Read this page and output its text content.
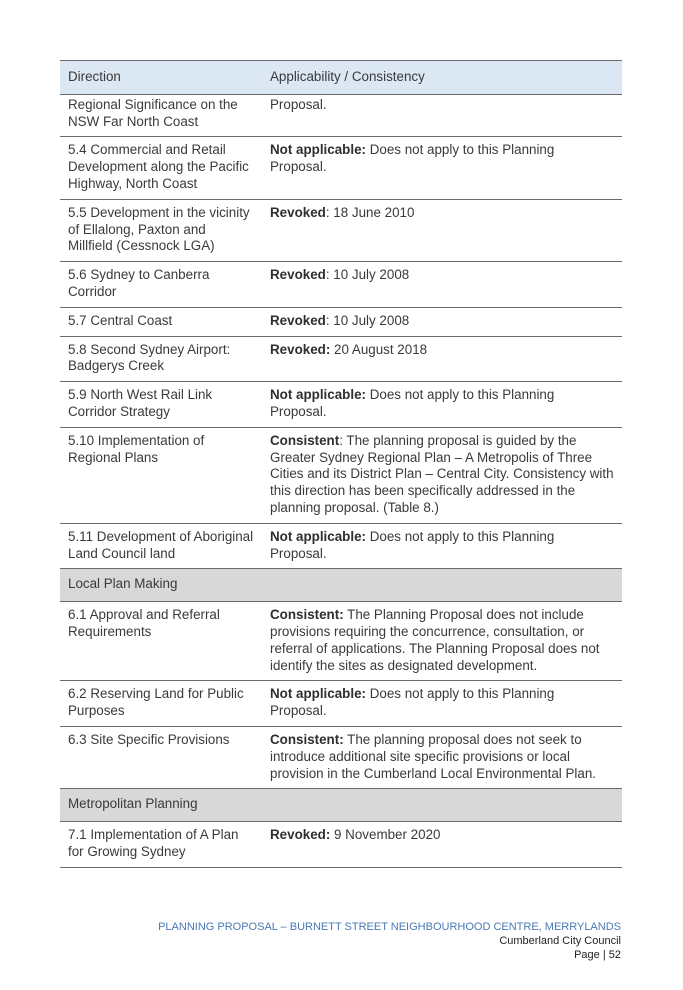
Direction	Applicability / Consistency
Regional Significance on the NSW Far North Coast	Proposal.
5.4 Commercial and Retail Development along the Pacific Highway, North Coast	Not applicable: Does not apply to this Planning Proposal.
5.5 Development in the vicinity of Ellalong, Paxton and Millfield (Cessnock LGA)	Revoked: 18 June 2010
5.6 Sydney to Canberra Corridor	Revoked: 10 July 2008
5.7 Central Coast	Revoked: 10 July 2008
5.8 Second Sydney Airport: Badgerys Creek	Revoked: 20 August 2018
5.9 North West Rail Link Corridor Strategy	Not applicable: Does not apply to this Planning Proposal.
5.10 Implementation of Regional Plans	Consistent: The planning proposal is guided by the Greater Sydney Regional Plan – A Metropolis of Three Cities and its District Plan – Central City. Consistency with this direction has been specifically addressed in the planning proposal. (Table 8.)
5.11 Development of Aboriginal Land Council land	Not applicable: Does not apply to this Planning Proposal.
Local Plan Making	
6.1 Approval and Referral Requirements	Consistent: The Planning Proposal does not include provisions requiring the concurrence, consultation, or referral of applications. The Planning Proposal does not identify the sites as designated development.
6.2 Reserving Land for Public Purposes	Not applicable: Does not apply to this Planning Proposal.
6.3 Site Specific Provisions	Consistent: The planning proposal does not seek to introduce additional site specific provisions or local provision in the Cumberland Local Environmental Plan.
Metropolitan Planning	
7.1 Implementation of A Plan for Growing Sydney	Revoked: 9 November 2020
PLANNING PROPOSAL – BURNETT STREET NEIGHBOURHOOD CENTRE, MERRYLANDS
Cumberland City Council
Page | 52
